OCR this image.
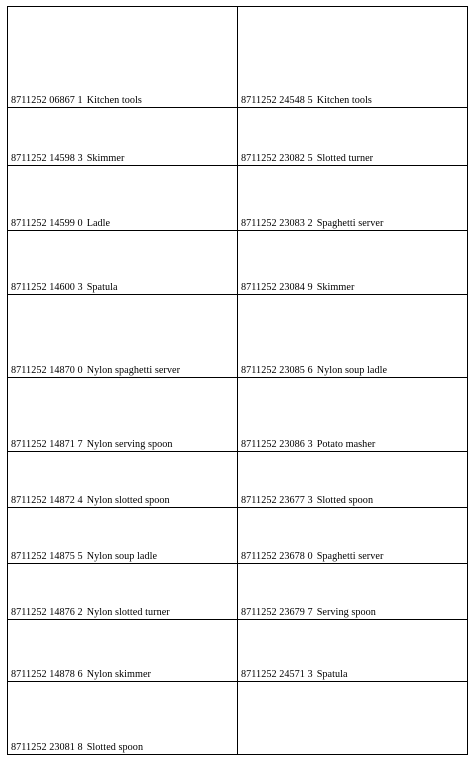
8711252 06867 1 Kitchen tools	8711252 24548 5 Kitchen tools

8711252 14598 3 Skimmer	8711252 23082 5 Slotted turner

8711252 14599 0 Ladle	8711252 23083 2 Spaghetti server

8711252 14600 3 Spatula	8711252 23084 9 Skimmer

8711252 14870 0 Nylon spaghetti server	8711252 23085 6 Nylon soup ladle

8711252 14871 7 Nylon serving spoon	8711252 23086 3 Potato masher

8711252 14872 4 Nylon slotted spoon	8711252 23677 3 Slotted spoon

8711252 14875 5 Nylon soup ladle	8711252 23678 0 Spaghetti server

8711252 14876 2 Nylon slotted turner	8711252 23679 7 Serving spoon

8711252 14878 6 Nylon skimmer	8711252 24571 3 Spatula

8711252 23081 8 Slotted spoon	
